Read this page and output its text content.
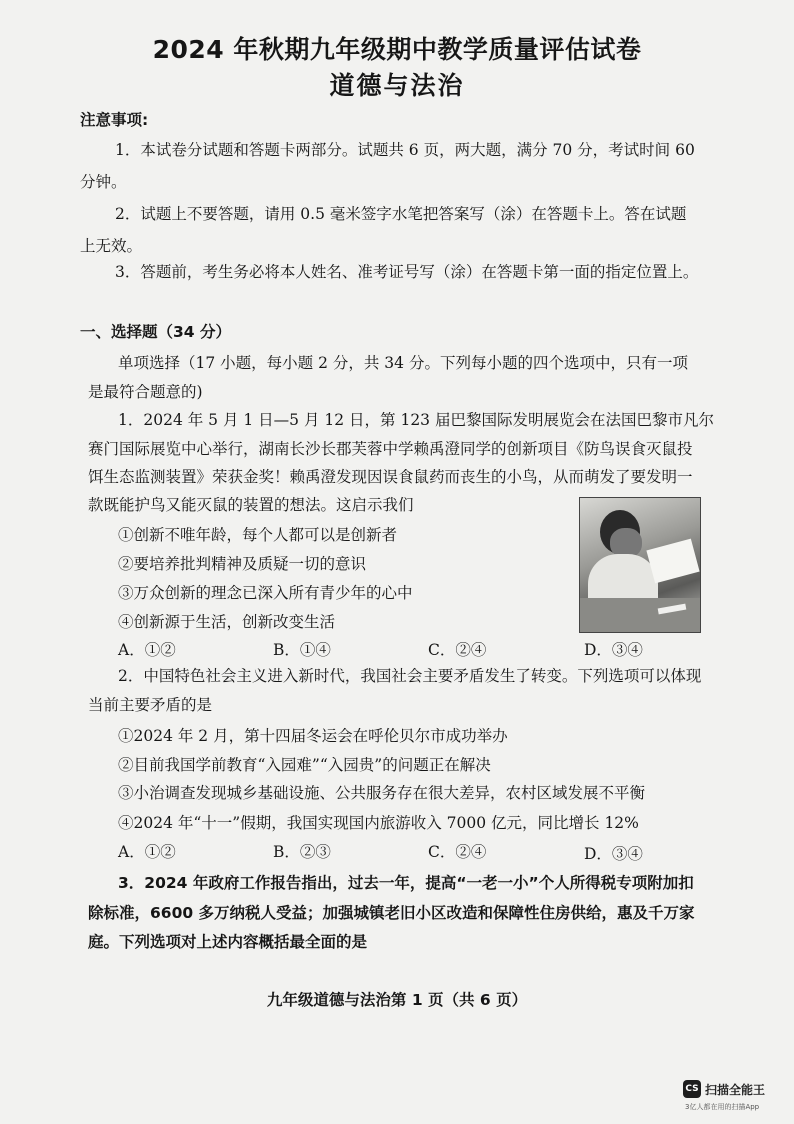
2024 年秋期九年级期中教学质量评估试卷
道德与法治
注意事项:
1．本试卷分试题和答题卡两部分。试题共 6 页，两大题，满分 70 分，考试时间 60
分钟。
2．试题上不要答题，请用 0.5 毫米签字水笔把答案写（涂）在答题卡上。答在试题
上无效。
3．答题前，考生务必将本人姓名、准考证号写（涂）在答题卡第一面的指定位置上。
一、选择题（34 分）
单项选择（17 小题，每小题 2 分，共 34 分。下列每小题的四个选项中，只有一项
是最符合题意的)
1．2024 年 5 月 1 日—5 月 12 日，第 123 届巴黎国际发明展览会在法国巴黎市凡尔
赛门国际展览中心举行，湖南长沙长郡芙蓉中学赖禹澄同学的创新项目《防鸟误食灭鼠投
饵生态监测装置》荣获金奖！赖禹澄发现因误食鼠药而丧生的小鸟，从而萌发了要发明一
款既能护鸟又能灭鼠的装置的想法。这启示我们
①创新不唯年龄，每个人都可以是创新者
②要培养批判精神及质疑一切的意识
③万众创新的理念已深入所有青少年的心中
④创新源于生活，创新改变生活
A．①②	B．①④	C．②④	D．③④
2．中国特色社会主义进入新时代，我国社会主要矛盾发生了转变。下列选项可以体现
当前主要矛盾的是
①2024 年 2 月，第十四届冬运会在呼伦贝尔市成功举办
②目前我国学前教育“入园难”“入园贵”的问题正在解决
③小治调查发现城乡基础设施、公共服务存在很大差异，农村区域发展不平衡
④2024 年“十一”假期，我国实现国内旅游收入 7000 亿元，同比增长 12%
A．①②	B．②③	C．②④	D．③④
3．2024 年政府工作报告指出，过去一年，提高“一老一小”个人所得税专项附加扣
除标准，6600 多万纳税人受益；加强城镇老旧小区改造和保障性住房供给，惠及千万家
庭。下列选项对上述内容概括最全面的是
九年级道德与法治第 1 页（共 6 页）
CS 扫描全能王
3亿人都在用的扫描App
